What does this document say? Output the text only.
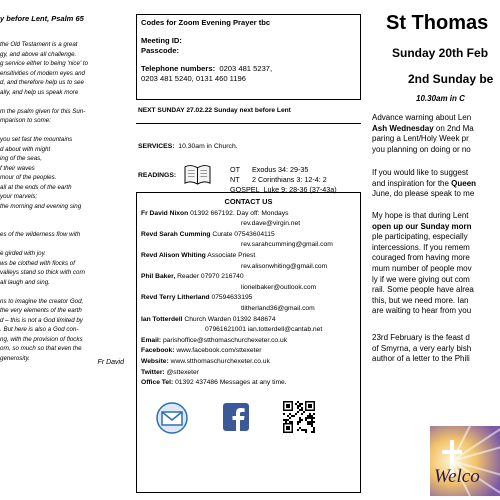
y before Lent, Psalm 65
the Old Testament is a great
gy, and above all challenge.
g service either to being 'nice' to
ensitivities of modern eyes and
d, and therefore help us to see
ally, and help us speak more
m the psalm given for this Sun-
mparison to some:
you set fast the mountains
d about with might
ing of the seas,
f their waves
mour of the peoples.
all at the ends of the earth
your marvels;
the morning and evening sing
es of the wilderness flow with
e girded with joy.
ws be clothed with flocks of
valleys stand so thick with corn
all laugh and sing.
ns to imagine the creator God,
the very elements of the earth
d – this is not a God limited by
. But here is also a God con-
ng, with the provision of flocks
orn, so much so that even the
generosity.
Fr David
Codes for Zoom Evening Prayer tbc
Meeting ID:
Passcode:
Telephone numbers: 0203 481 5237,
0203 481 5240, 0131 460 1196
NEXT SUNDAY 27.02.22 Sunday next before Lent
SERVICES: 10.30am in Church.
READINGS:
OT	Exodus 34: 29-35
NT	2 Corinthians 3: 12-4: 2
GOSPEL
Luke 9: 28-36 (37-43a)
CONTACT US
Fr David Nixon 01392 667192. Day off: Mondays
rev.dave@virgin.net
Revd Sarah Cumming Curate 07543604115
rev.sarahcumming@gmail.com
Revd Alison Whiting Associate Priest
rev.alisonwhiting@gmail.com
Phil Baker, Reader 07970 216740
lionelbaker@outlook.com
Revd Terry Litherland 07594633195
tlitherland36@gmail.com
Ian Totterdell Church Warden 01392 848674
07961621001 ian.totterdell@cantab.net
Email: parishoffice@stthomaschurchexeter.co.uk
Facebook: www.facebook.com/sttexeter
Website: www.stthomaschurchexeter.co.uk
Twitter: @sttexeter
Office Tel: 01392 437486 Messages at any time.
St Thomas
Sunday 20th Feb
2nd Sunday be
10.30am in C
Advance warning about Len
Ash Wednesday on 2nd Ma
paring a Lent/Holy Week pr
you planning on doing or no
If you would like to suggest
and inspiration for the Queen
June, do please speak to me
My hope is that during Lent
open up our Sunday morn
ple participating, especially
intercessions. If you remem
couraged from having more
mum number of people mov
ly if we were giving out com
rail. Some people have alrea
this, but we need more. Ian
are waiting to hear from you
23rd February is the feast d
of Smyrna, a very early bish
author of a letter to the Phili
Welco
